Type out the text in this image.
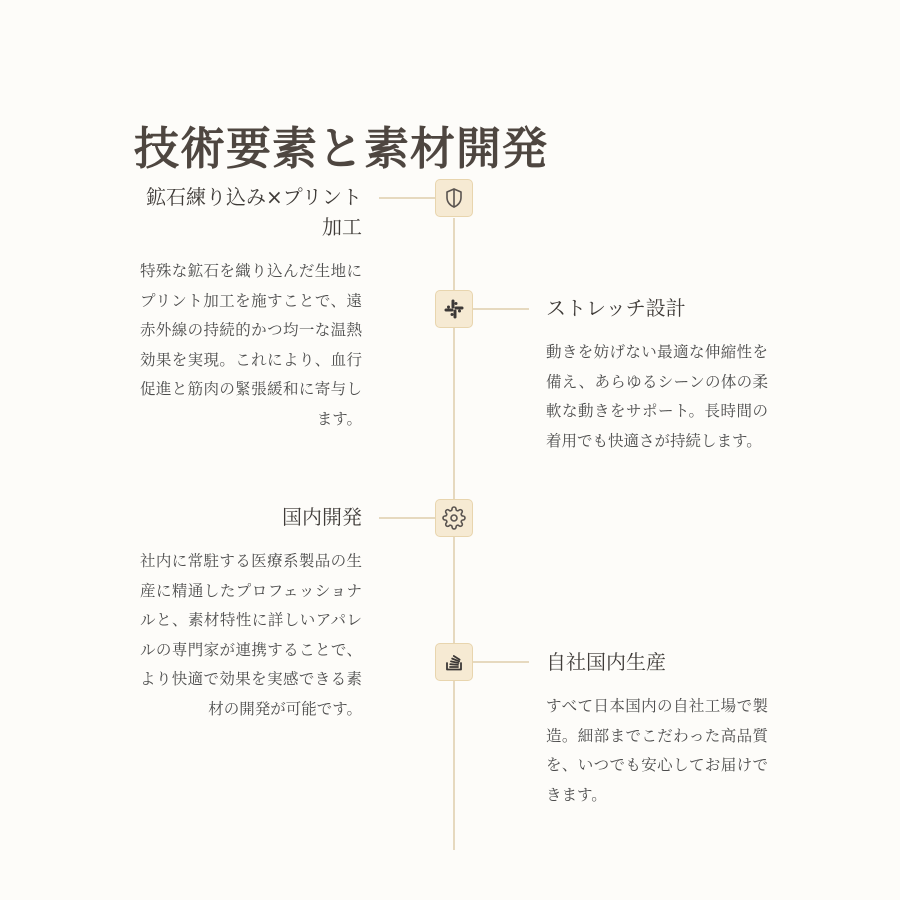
技術要素と素材開発

鉱石練り込み×プリント加工

特殊な鉱石を織り込んだ生地にプリント加工を施すことで、遠赤外線の持続的かつ均一な温熱効果を実現。これにより、血行促進と筋肉の緊張緩和に寄与します。

ストレッチ設計

動きを妨げない最適な伸縮性を備え、あらゆるシーンの体の柔軟な動きをサポート。長時間の着用でも快適さが持続します。

国内開発

社内に常駐する医療系製品の生産に精通したプロフェッショナルと、素材特性に詳しいアパレルの専門家が連携することで、より快適で効果を実感できる素材の開発が可能です。

自社国内生産

すべて日本国内の自社工場で製造。細部までこだわった高品質を、いつでも安心してお届けできます。
